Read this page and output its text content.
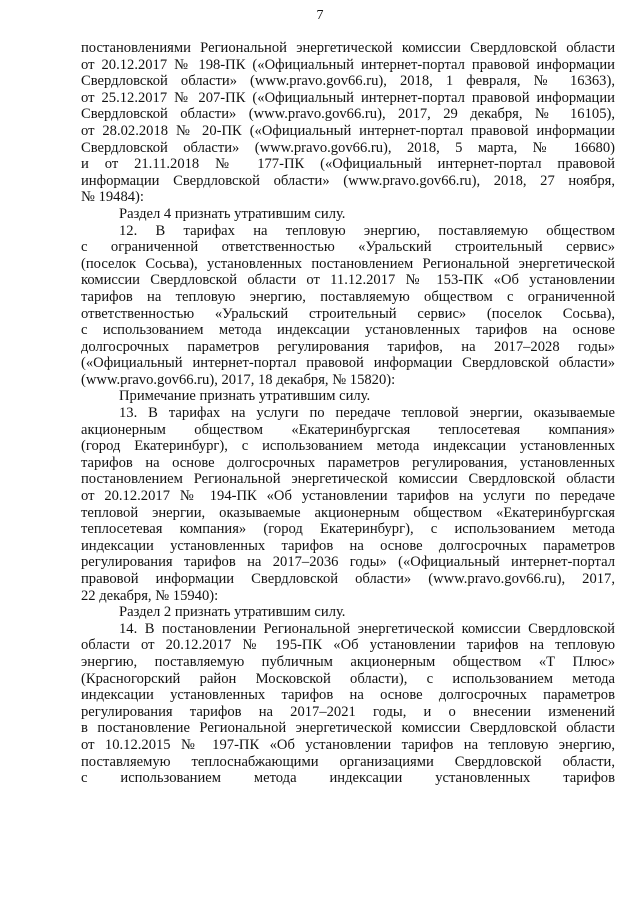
7
постановлениями Региональной энергетической комиссии Свердловской области
от 20.12.2017 № 198-ПК («Официальный интернет-портал правовой информации
Свердловской области» (www.pravo.gov66.ru), 2018, 1 февраля, № 16363),
от 25.12.2017 № 207-ПК («Официальный интернет-портал правовой информации
Свердловской области» (www.pravo.gov66.ru), 2017, 29 декабря, № 16105),
от 28.02.2018 № 20-ПК («Официальный интернет-портал правовой информации
Свердловской области» (www.pravo.gov66.ru), 2018, 5 марта, № 16680)
и от 21.11.2018 № 177-ПК («Официальный интернет-портал правовой
информации Свердловской области» (www.pravo.gov66.ru), 2018, 27 ноября,
№ 19484):
Раздел 4 признать утратившим силу.
12. В тарифах на тепловую энергию, поставляемую обществом
с ограниченной ответственностью «Уральский строительный сервис»
(поселок Сосьва), установленных постановлением Региональной энергетической
комиссии Свердловской области от 11.12.2017 № 153-ПК «Об установлении
тарифов на тепловую энергию, поставляемую обществом с ограниченной
ответственностью «Уральский строительный сервис» (поселок Сосьва),
с использованием метода индексации установленных тарифов на основе
долгосрочных параметров регулирования тарифов, на 2017–2028 годы»
(«Официальный интернет-портал правовой информации Свердловской области»
(www.pravo.gov66.ru), 2017, 18 декабря, № 15820):
Примечание признать утратившим силу.
13. В тарифах на услуги по передаче тепловой энергии, оказываемые
акционерным обществом «Екатеринбургская теплосетевая компания»
(город Екатеринбург), с использованием метода индексации установленных
тарифов на основе долгосрочных параметров регулирования, установленных
постановлением Региональной энергетической комиссии Свердловской области
от 20.12.2017 № 194-ПК «Об установлении тарифов на услуги по передаче
тепловой энергии, оказываемые акционерным обществом «Екатеринбургская
теплосетевая компания» (город Екатеринбург), с использованием метода
индексации установленных тарифов на основе долгосрочных параметров
регулирования тарифов на 2017–2036 годы» («Официальный интернет-портал
правовой информации Свердловской области» (www.pravo.gov66.ru), 2017,
22 декабря, № 15940):
Раздел 2 признать утратившим силу.
14. В постановлении Региональной энергетической комиссии Свердловской
области от 20.12.2017 № 195-ПК «Об установлении тарифов на тепловую
энергию, поставляемую публичным акционерным обществом «Т Плюс»
(Красногорский район Московской области), с использованием метода
индексации установленных тарифов на основе долгосрочных параметров
регулирования тарифов на 2017–2021 годы, и о внесении изменений
в постановление Региональной энергетической комиссии Свердловской области
от 10.12.2015 № 197-ПК «Об установлении тарифов на тепловую энергию,
поставляемую теплоснабжающими организациями Свердловской области,
с использованием метода индексации установленных тарифов
